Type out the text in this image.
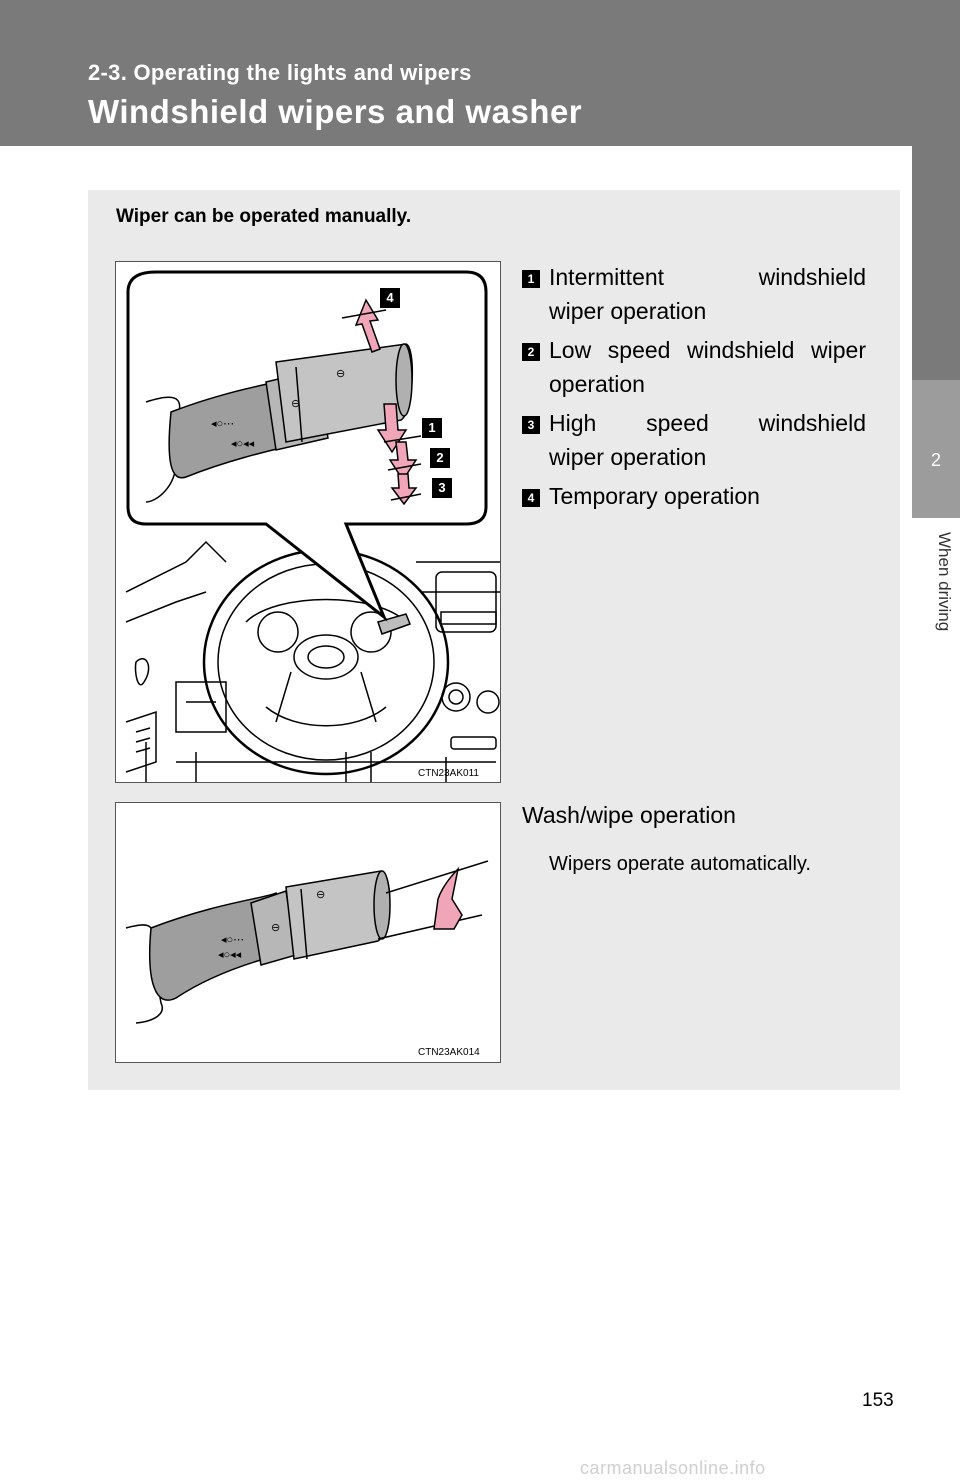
2-3. Operating the lights and wipers
Windshield wipers and washer
2
When driving
Wiper can be operated manually.
⊖
⊖
◂○⋯
◂○◂◂
4
1
2
3
CTN23AK011
1 Intermittent windshield
wiper operation
2 Low speed windshield wiper
operation
3 High speed windshield
wiper operation
4 Temporary operation
⊖
⊖
◂○⋯
◂○◂◂
CTN23AK014
Wash/wipe operation
Wipers operate automatically.
153
carmanualsonline.info
